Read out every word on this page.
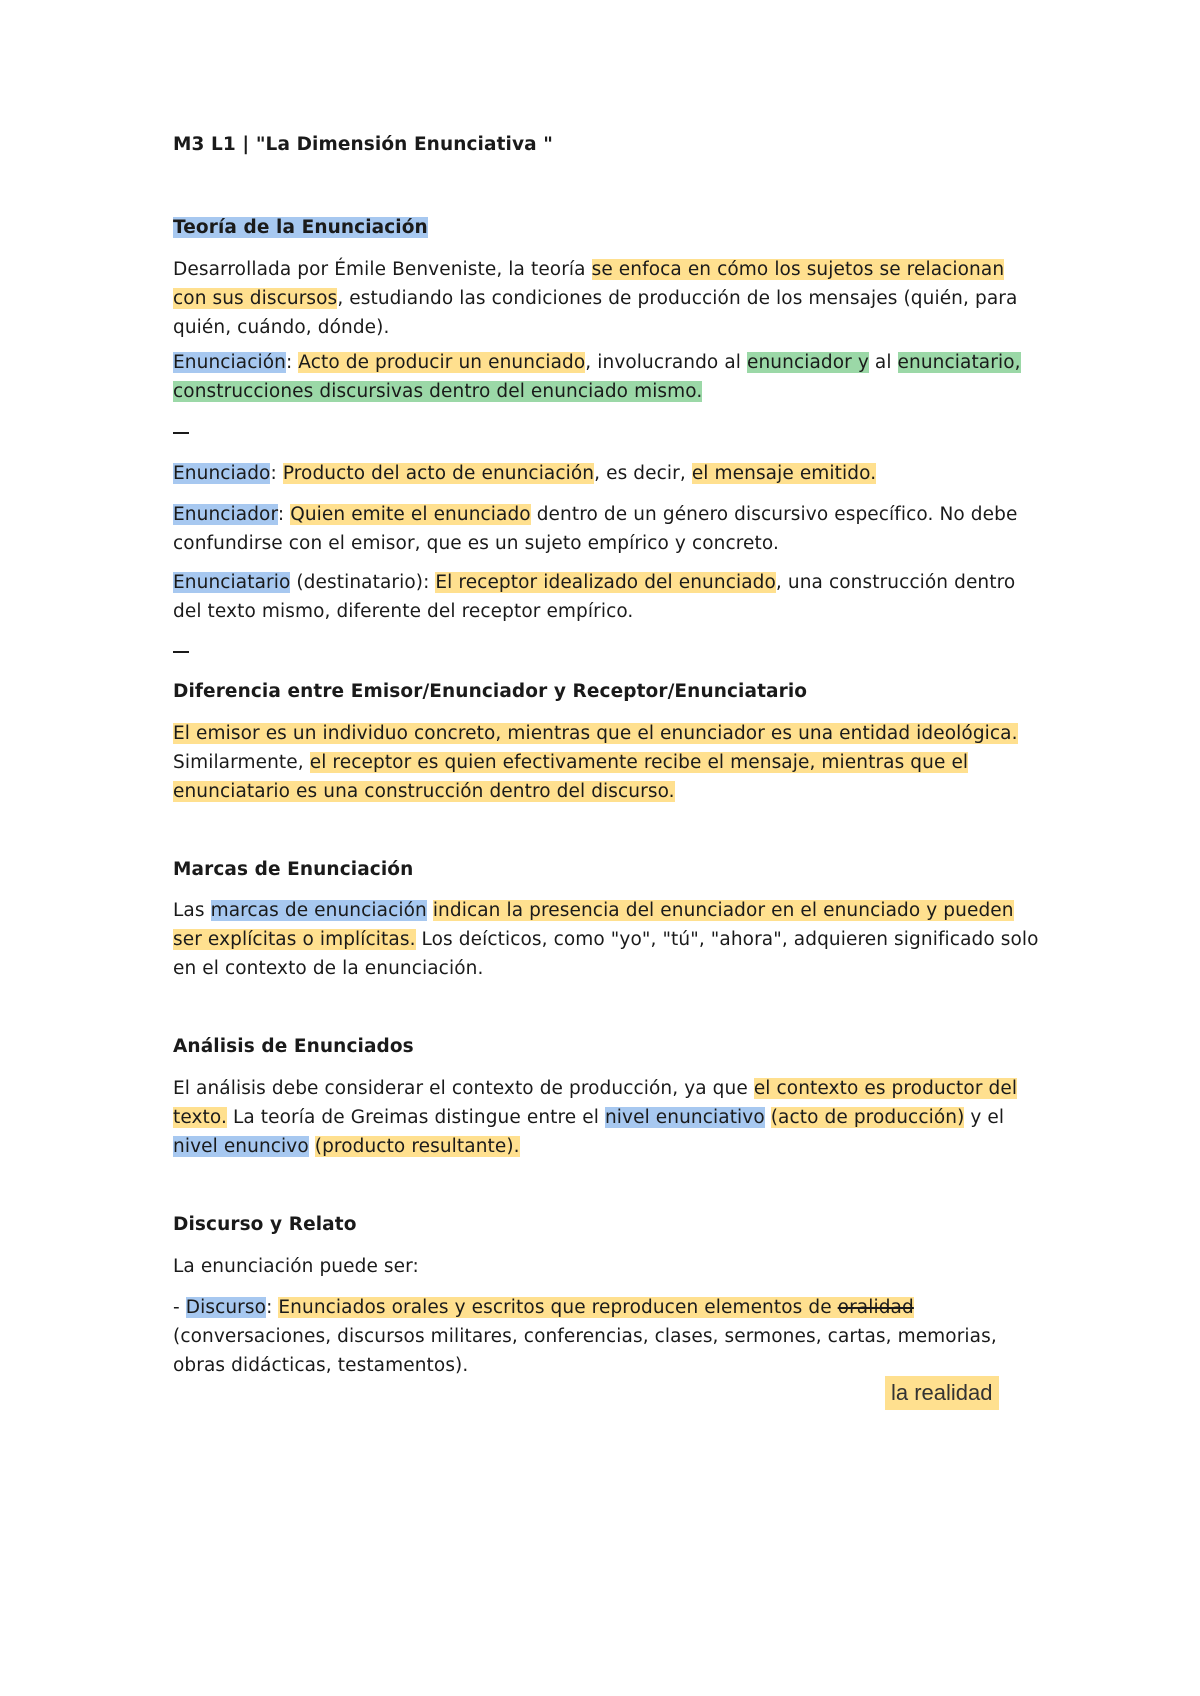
M3 L1 | "La Dimensión Enunciativa "

Teoría de la Enunciación

Desarrollada por Émile Benveniste, la teoría se enfoca en cómo los sujetos se relacionan con sus discursos, estudiando las condiciones de producción de los mensajes (quién, para quién, cuándo, dónde).

Enunciación: Acto de producir un enunciado, involucrando al enunciador y al enunciatario, construcciones discursivas dentro del enunciado mismo.

Enunciado: Producto del acto de enunciación, es decir, el mensaje emitido.

Enunciador: Quien emite el enunciado dentro de un género discursivo específico. No debe confundirse con el emisor, que es un sujeto empírico y concreto.

Enunciatario (destinatario): El receptor idealizado del enunciado, una construcción dentro del texto mismo, diferente del receptor empírico.

Diferencia entre Emisor/Enunciador y Receptor/Enunciatario

El emisor es un individuo concreto, mientras que el enunciador es una entidad ideológica. Similarmente, el receptor es quien efectivamente recibe el mensaje, mientras que el enunciatario es una construcción dentro del discurso.

Marcas de Enunciación

Las marcas de enunciación indican la presencia del enunciador en el enunciado y pueden ser explícitas o implícitas. Los deícticos, como "yo", "tú", "ahora", adquieren significado solo en el contexto de la enunciación.

Análisis de Enunciados

El análisis debe considerar el contexto de producción, ya que el contexto es productor del texto. La teoría de Greimas distingue entre el nivel enunciativo (acto de producción) y el nivel enuncivo (producto resultante).

Discurso y Relato

La enunciación puede ser:

- Discurso: Enunciados orales y escritos que reproducen elementos de oralidad (conversaciones, discursos militares, conferencias, clases, sermones, cartas, memorias, obras didácticas, testamentos).

la realidad
